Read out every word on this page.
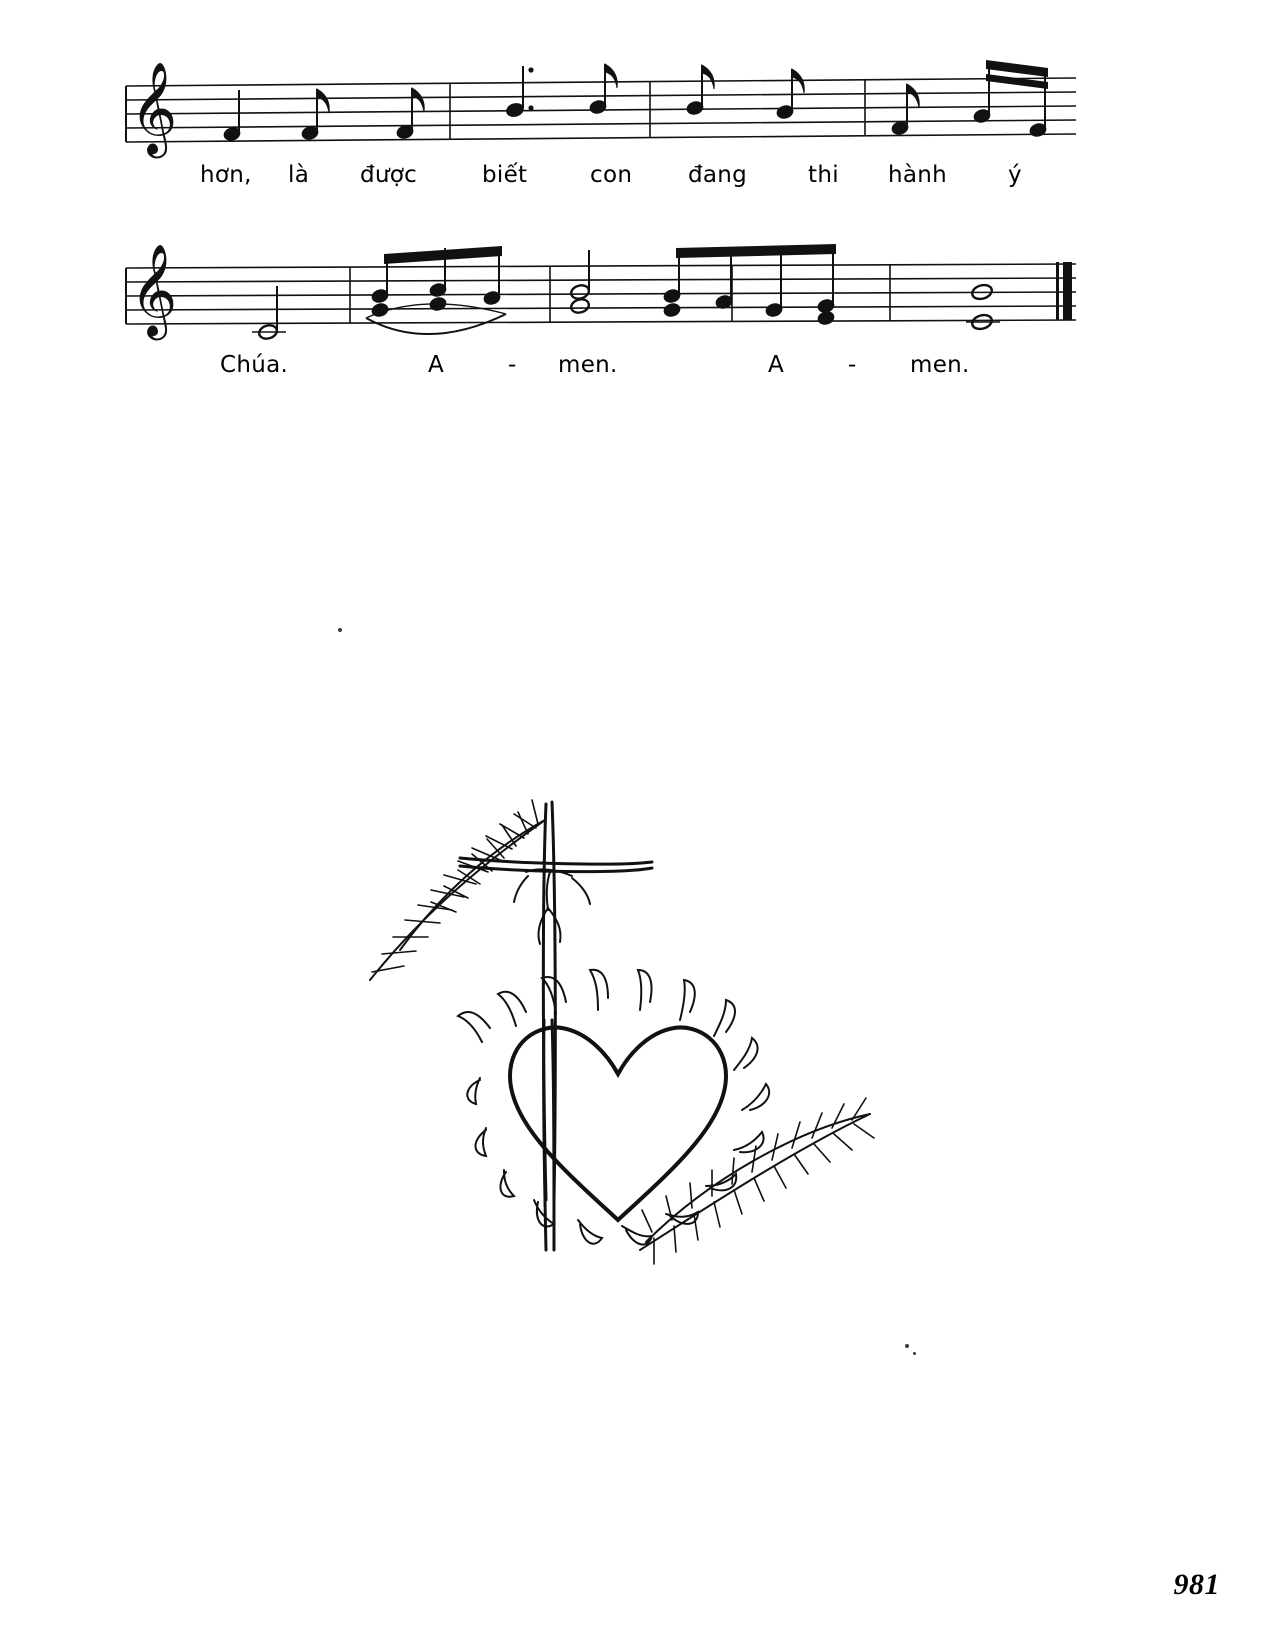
𝄞
hơn, là được	biết	con đang	thi hành	ý
𝄞
Chúa.	A	- men.	A	- men.
981
